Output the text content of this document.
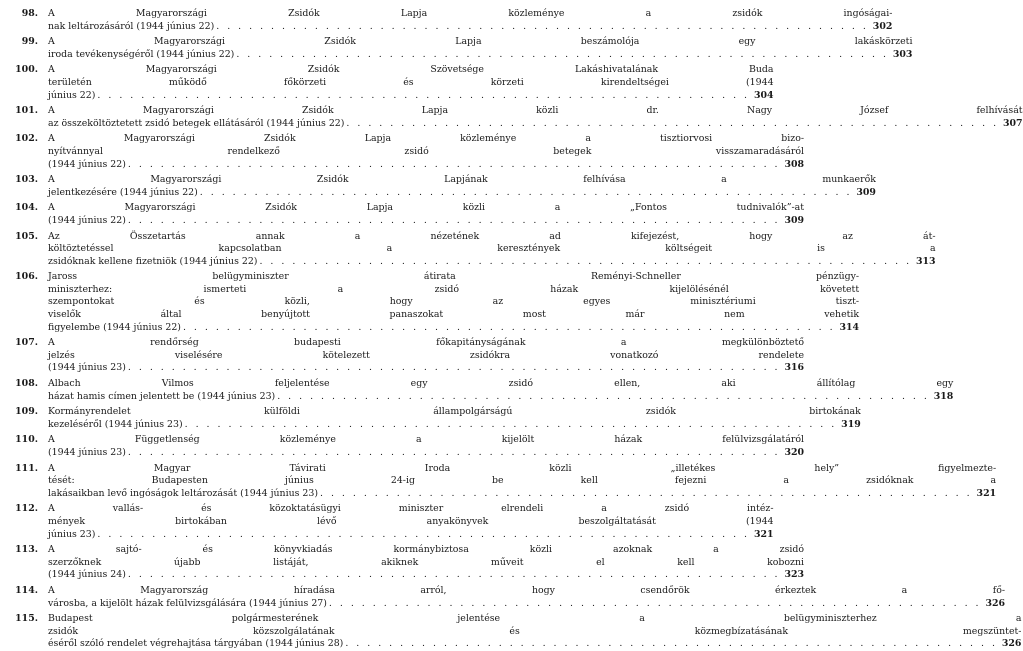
98.	A Magyarországi Zsidók Lapja közleménye a zsidók ingóságai-
nak leltározásáról (1944 június 22) . . .	302
99.	A Magyarországi Zsidók Lapja beszámolója egy lakáskörzeti
iroda tevékenységéről (1944 június 22) . . .	303
100.	A Magyarországi Zsidók Szövetsége Lakáshivatalának Buda
területén működő főkörzeti és körzeti kirendeltségei (1944
június 22) . . .	304
101.	A Magyarországi Zsidók Lapja közli dr. Nagy József felhívását
az összeköltöztetett zsidó betegek ellátásáról (1944 június 22) . . .	307
102.	A Magyarországi Zsidók Lapja közleménye a tisztiorvosi bizo-
nyítvánnyal rendelkező zsidó betegek visszamaradásáról
(1944 június 22) . . .	308
103.	A Magyarországi Zsidók Lapjának felhívása a munkaerők
jelentkezésére (1944 június 22) . . .	309
104.	A Magyarországi Zsidók Lapja közli a „Fontos tudnivalók”-at
(1944 június 22) . . .	309
105.	Az Összetartás annak a nézetének ad kifejezést, hogy az át-
költöztetéssel kapcsolatban a keresztények költségeit is a
zsidóknak kellene fizetniök (1944 június 22) . . .	313
106.	Jaross belügyminiszter átirata Reményi-Schneller pénzügy-
miniszterhez: ismerteti a zsidó házak kijelölésénél követett
szempontokat és közli, hogy az egyes minisztériumi tiszt-
viselők által benyújtott panaszokat most már nem vehetik
figyelembe (1944 június 22) . . .	314
107.	A rendőrség budapesti főkapitányságának a megkülönböztető
jelzés viselésére kötelezett zsidókra vonatkozó rendelete
(1944 június 23) . . .	316
108.	Albach Vilmos feljelentése egy zsidó ellen, aki állítólag egy
házat hamis címen jelentett be (1944 június 23) . . .	318
109.	Kormányrendelet külföldi állampolgárságú zsidók birtokának
kezeléséről (1944 június 23) . . .	319
110.	A Függetlenség közleménye a kijelölt házak felülvizsgálatáról
(1944 június 23) . . .	320
111.	A Magyar Távirati Iroda közli „illetékes hely” figyelmezte-
tését: Budapesten június 24-ig be kell fejezni a zsidóknak a
lakásaikban levő ingóságok leltározását (1944 június 23) . . .	321
112.	A vallás- és közoktatásügyi miniszter elrendeli a zsidó intéz-
mények birtokában lévő anyakönyvek beszolgáltatását (1944
június 23) . . .	321
113.	A sajtó- és könyvkiadás kormánybiztosa közli azoknak a zsidó
szerzőknek újabb listáját, akiknek műveit el kell kobozni
(1944 június 24) . . .	323
114.	A Magyarország híradása arról, hogy csendőrök érkeztek a fő-
városba, a kijelölt házak felülvizsgálására (1944 június 27) . . .	326
115.	Budapest polgármesterének jelentése a belügyminiszterhez a
zsidók közszolgálatának és közmegbízatásának megszüntet-
éséről szóló rendelet végrehajtása tárgyában (1944 június 28) . . .	326
